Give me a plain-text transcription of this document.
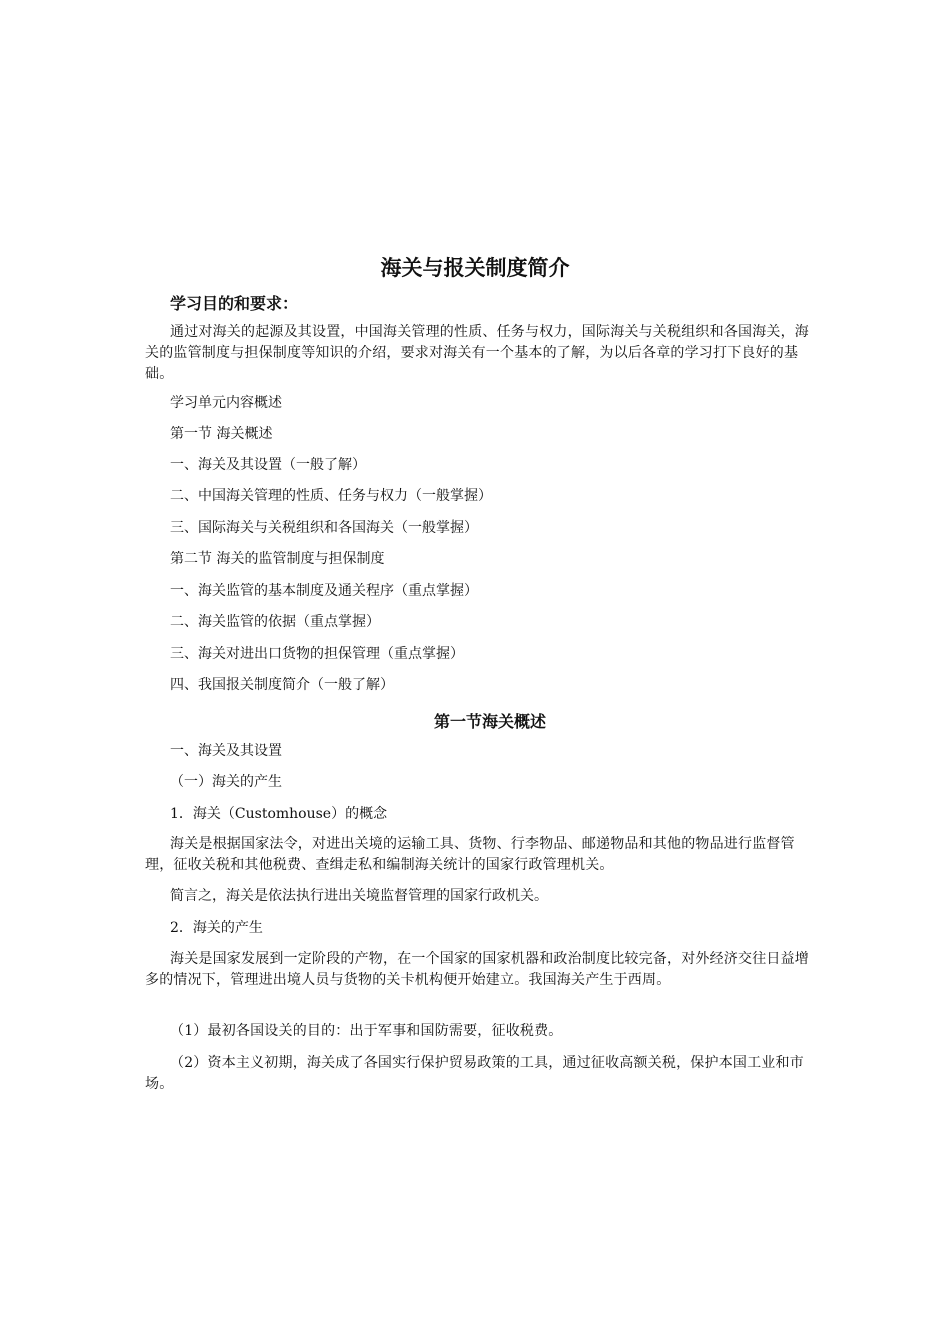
海关与报关制度简介
学习目的和要求：

通过对海关的起源及其设置，中国海关管理的性质、任务与权力，国际海关与关税组织和各国海关，海关的监管制度与担保制度等知识的介绍，要求对海关有一个基本的了解，为以后各章的学习打下良好的基础。

学习单元内容概述

第一节 海关概述

一、海关及其设置（一般了解）

二、中国海关管理的性质、任务与权力（一般掌握）

三、国际海关与关税组织和各国海关（一般掌握）

第二节 海关的监管制度与担保制度

一、海关监管的基本制度及通关程序（重点掌握）

二、海关监管的依据（重点掌握）

三、海关对进出口货物的担保管理（重点掌握）

四、我国报关制度简介（一般了解）

第一节海关概述

一、海关及其设置

（一）海关的产生

1．海关（Customhouse）的概念

海关是根据国家法令，对进出关境的运输工具、货物、行李物品、邮递物品和其他的物品进行监督管理，征收关税和其他税费、查缉走私和编制海关统计的国家行政管理机关。

简言之，海关是依法执行进出关境监督管理的国家行政机关。

2．海关的产生

海关是国家发展到一定阶段的产物，在一个国家的国家机器和政治制度比较完备，对外经济交往日益增多的情况下，管理进出境人员与货物的关卡机构便开始建立。我国海关产生于西周。

（1）最初各国设关的目的：出于军事和国防需要，征收税费。

（2）资本主义初期，海关成了各国实行保护贸易政策的工具，通过征收高额关税，保护本国工业和市场。
